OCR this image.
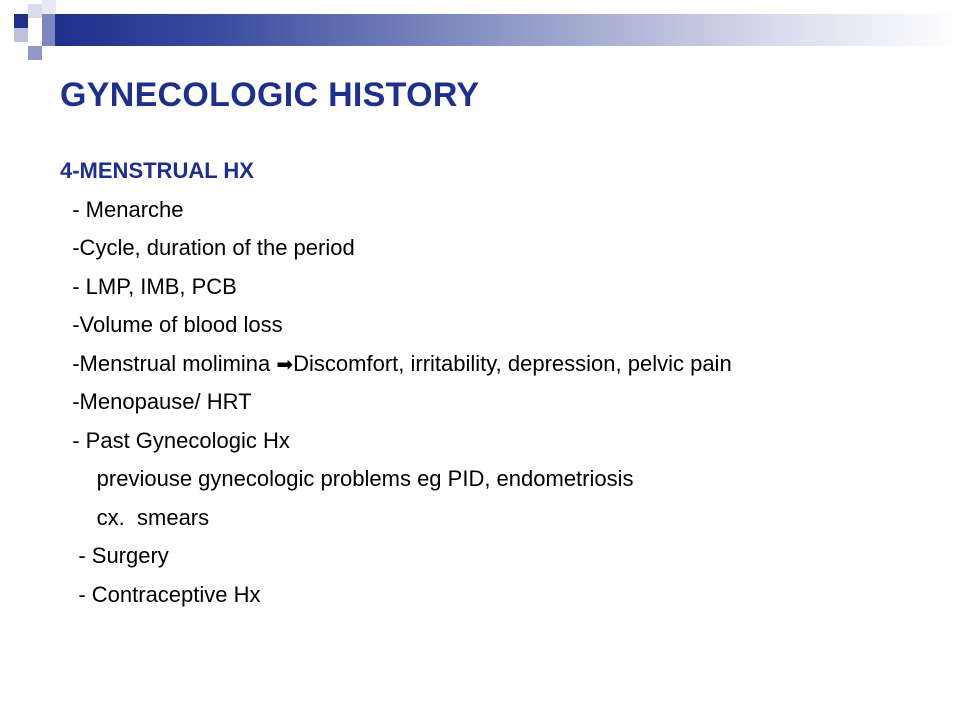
GYNECOLOGIC HISTORY
4-MENSTRUAL HX
- Menarche
-Cycle, duration of the period
- LMP, IMB, PCB
-Volume of blood loss
-Menstrual molimina ➡Discomfort, irritability, depression, pelvic pain
-Menopause/ HRT
- Past Gynecologic Hx
previouse gynecologic problems eg PID, endometriosis
cx.  smears
- Surgery
- Contraceptive Hx
